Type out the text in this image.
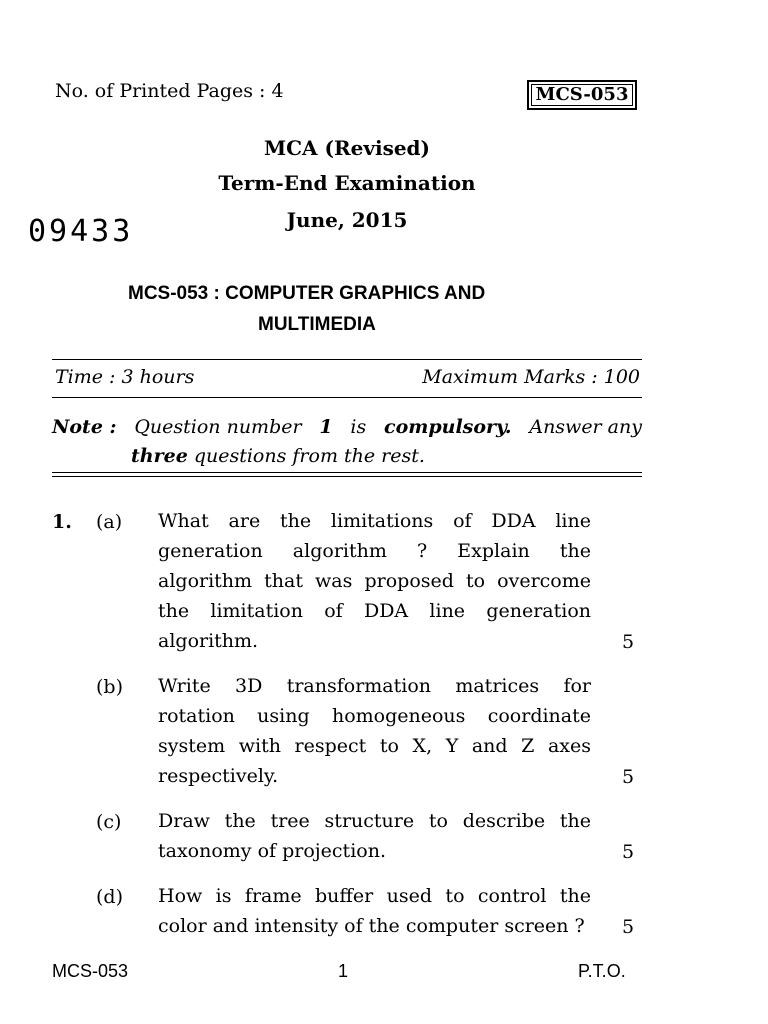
No. of Printed Pages : 4	MCS-053
MCA (Revised)
Term-End Examination
June, 2015
09433
MCS-053 : COMPUTER GRAPHICS AND
MULTIMEDIA
Time : 3 hours	Maximum Marks : 100
Note : Question number 1 is compulsory. Answer any
three questions from the rest.
1. (a) What are the limitations of DDA line
generation algorithm ? Explain the
algorithm that was proposed to overcome
the limitation of DDA line generation
algorithm.	5
(b) Write 3D transformation matrices for
rotation using homogeneous coordinate
system with respect to X, Y and Z axes
respectively.	5
(c) Draw the tree structure to describe the
taxonomy of projection.	5
(d) How is frame buffer used to control the
color and intensity of the computer screen ?	5
MCS-053	1	P.T.O.
